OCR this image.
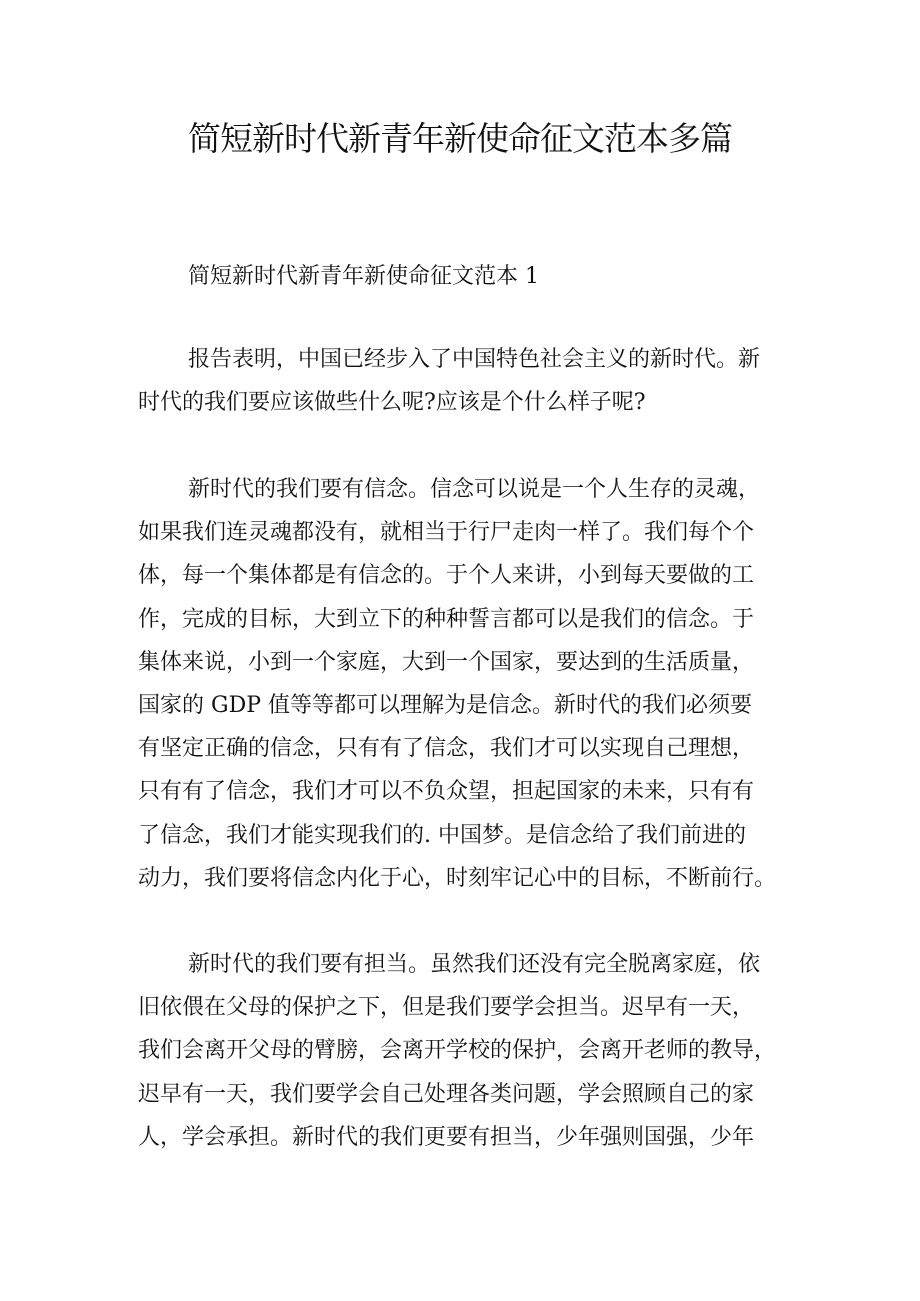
简短新时代新青年新使命征文范本多篇
简短新时代新青年新使命征文范本 1
报告表明，中国已经步入了中国特色社会主义的新时代。新
时代的我们要应该做些什么呢?应该是个什么样子呢?
新时代的我们要有信念。信念可以说是一个人生存的灵魂，
如果我们连灵魂都没有，就相当于行尸走肉一样了。我们每个个
体，每一个集体都是有信念的。于个人来讲，小到每天要做的工
作，完成的目标，大到立下的种种誓言都可以是我们的信念。于
集体来说，小到一个家庭，大到一个国家，要达到的生活质量，
国家的 GDP 值等等都可以理解为是信念。新时代的我们必须要
有坚定正确的信念，只有有了信念，我们才可以实现自己理想，
只有有了信念，我们才可以不负众望，担起国家的未来，只有有
了信念，我们才能实现我们的. 中国梦。是信念给了我们前进的
动力，我们要将信念内化于心，时刻牢记心中的目标，不断前行。
新时代的我们要有担当。虽然我们还没有完全脱离家庭，依
旧依偎在父母的保护之下，但是我们要学会担当。迟早有一天，
我们会离开父母的臂膀，会离开学校的保护，会离开老师的教导，
迟早有一天，我们要学会自己处理各类问题，学会照顾自己的家
人，学会承担。新时代的我们更要有担当，少年强则国强，少年
